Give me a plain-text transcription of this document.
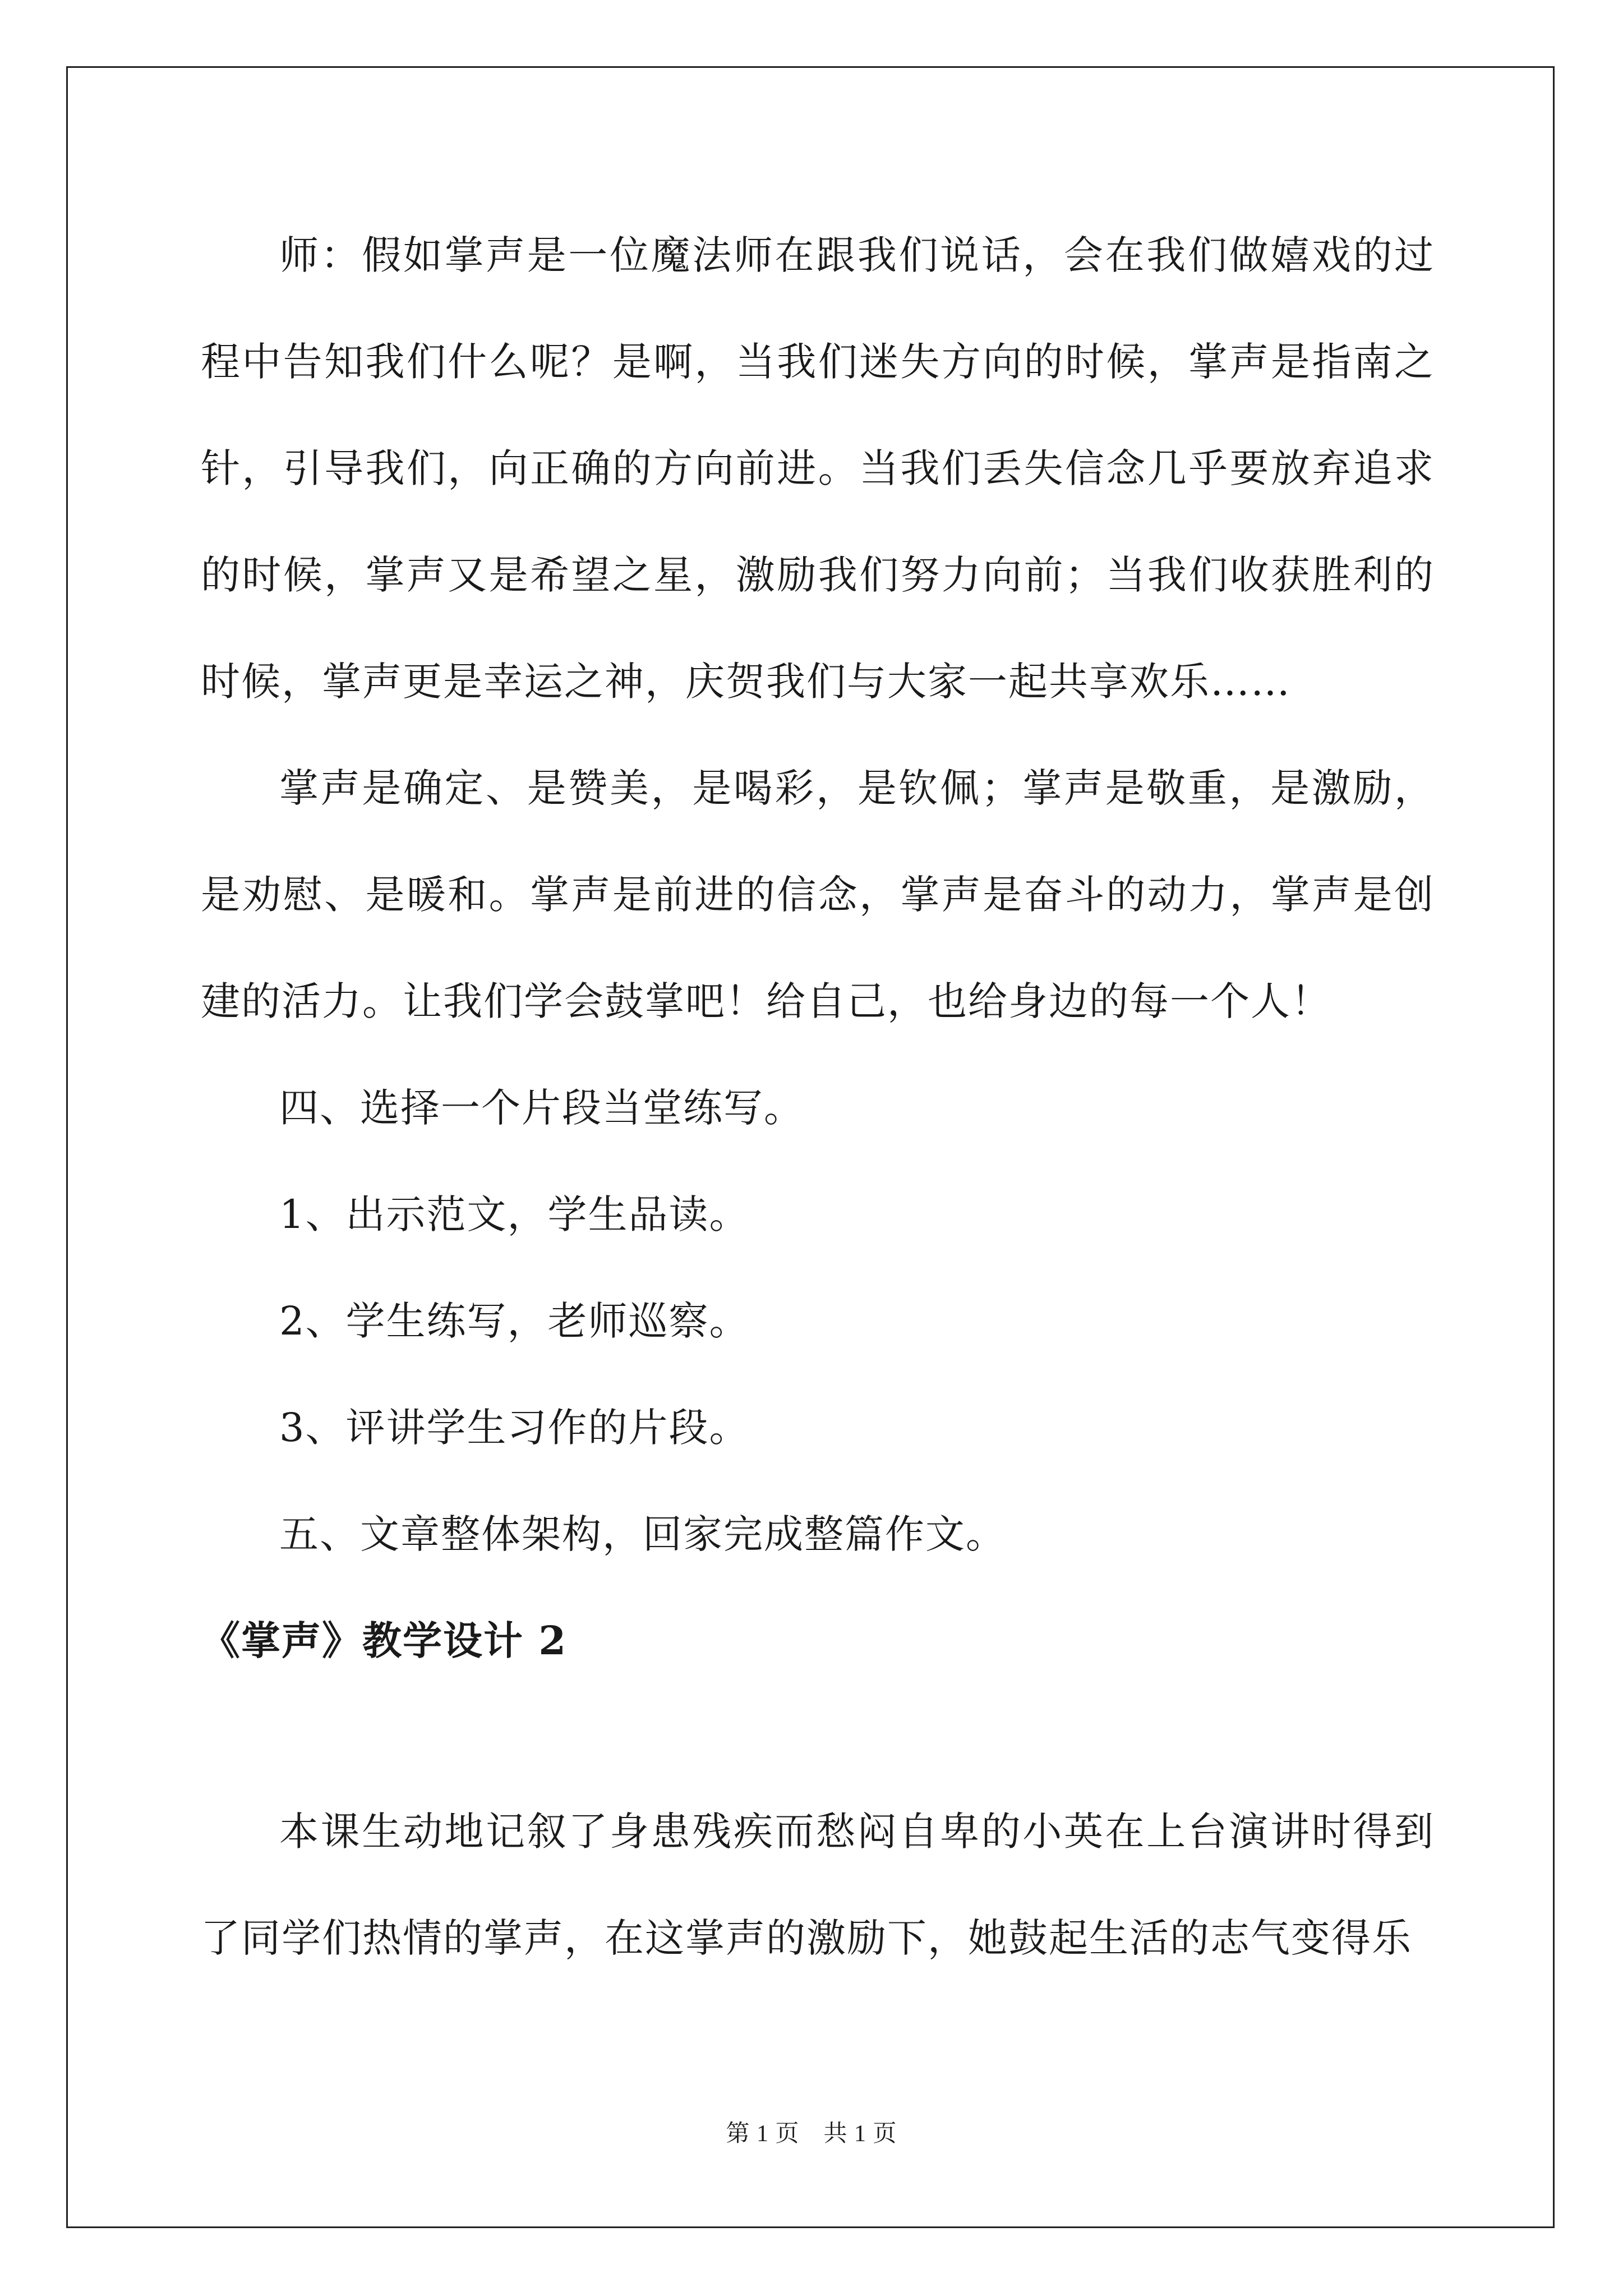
师：假如掌声是一位魔法师在跟我们说话，会在我们做嬉戏的过程中告知我们什么呢？是啊，当我们迷失方向的时候，掌声是指南之针，引导我们，向正确的方向前进。当我们丢失信念几乎要放弃追求的时候，掌声又是希望之星，激励我们努力向前；当我们收获胜利的时候，掌声更是幸运之神，庆贺我们与大家一起共享欢乐……

掌声是确定、是赞美，是喝彩，是钦佩；掌声是敬重，是激励，是劝慰、是暖和。掌声是前进的信念，掌声是奋斗的动力，掌声是创建的活力。让我们学会鼓掌吧！给自己，也给身边的每一个人！

四、选择一个片段当堂练写。

1、出示范文，学生品读。

2、学生练写，老师巡察。

3、评讲学生习作的片段。

五、文章整体架构，回家完成整篇作文。

《掌声》教学设计 2

本课生动地记叙了身患残疾而愁闷自卑的小英在上台演讲时得到了同学们热情的掌声，在这掌声的激励下，她鼓起生活的志气变得乐

第 1 页　共 1 页
